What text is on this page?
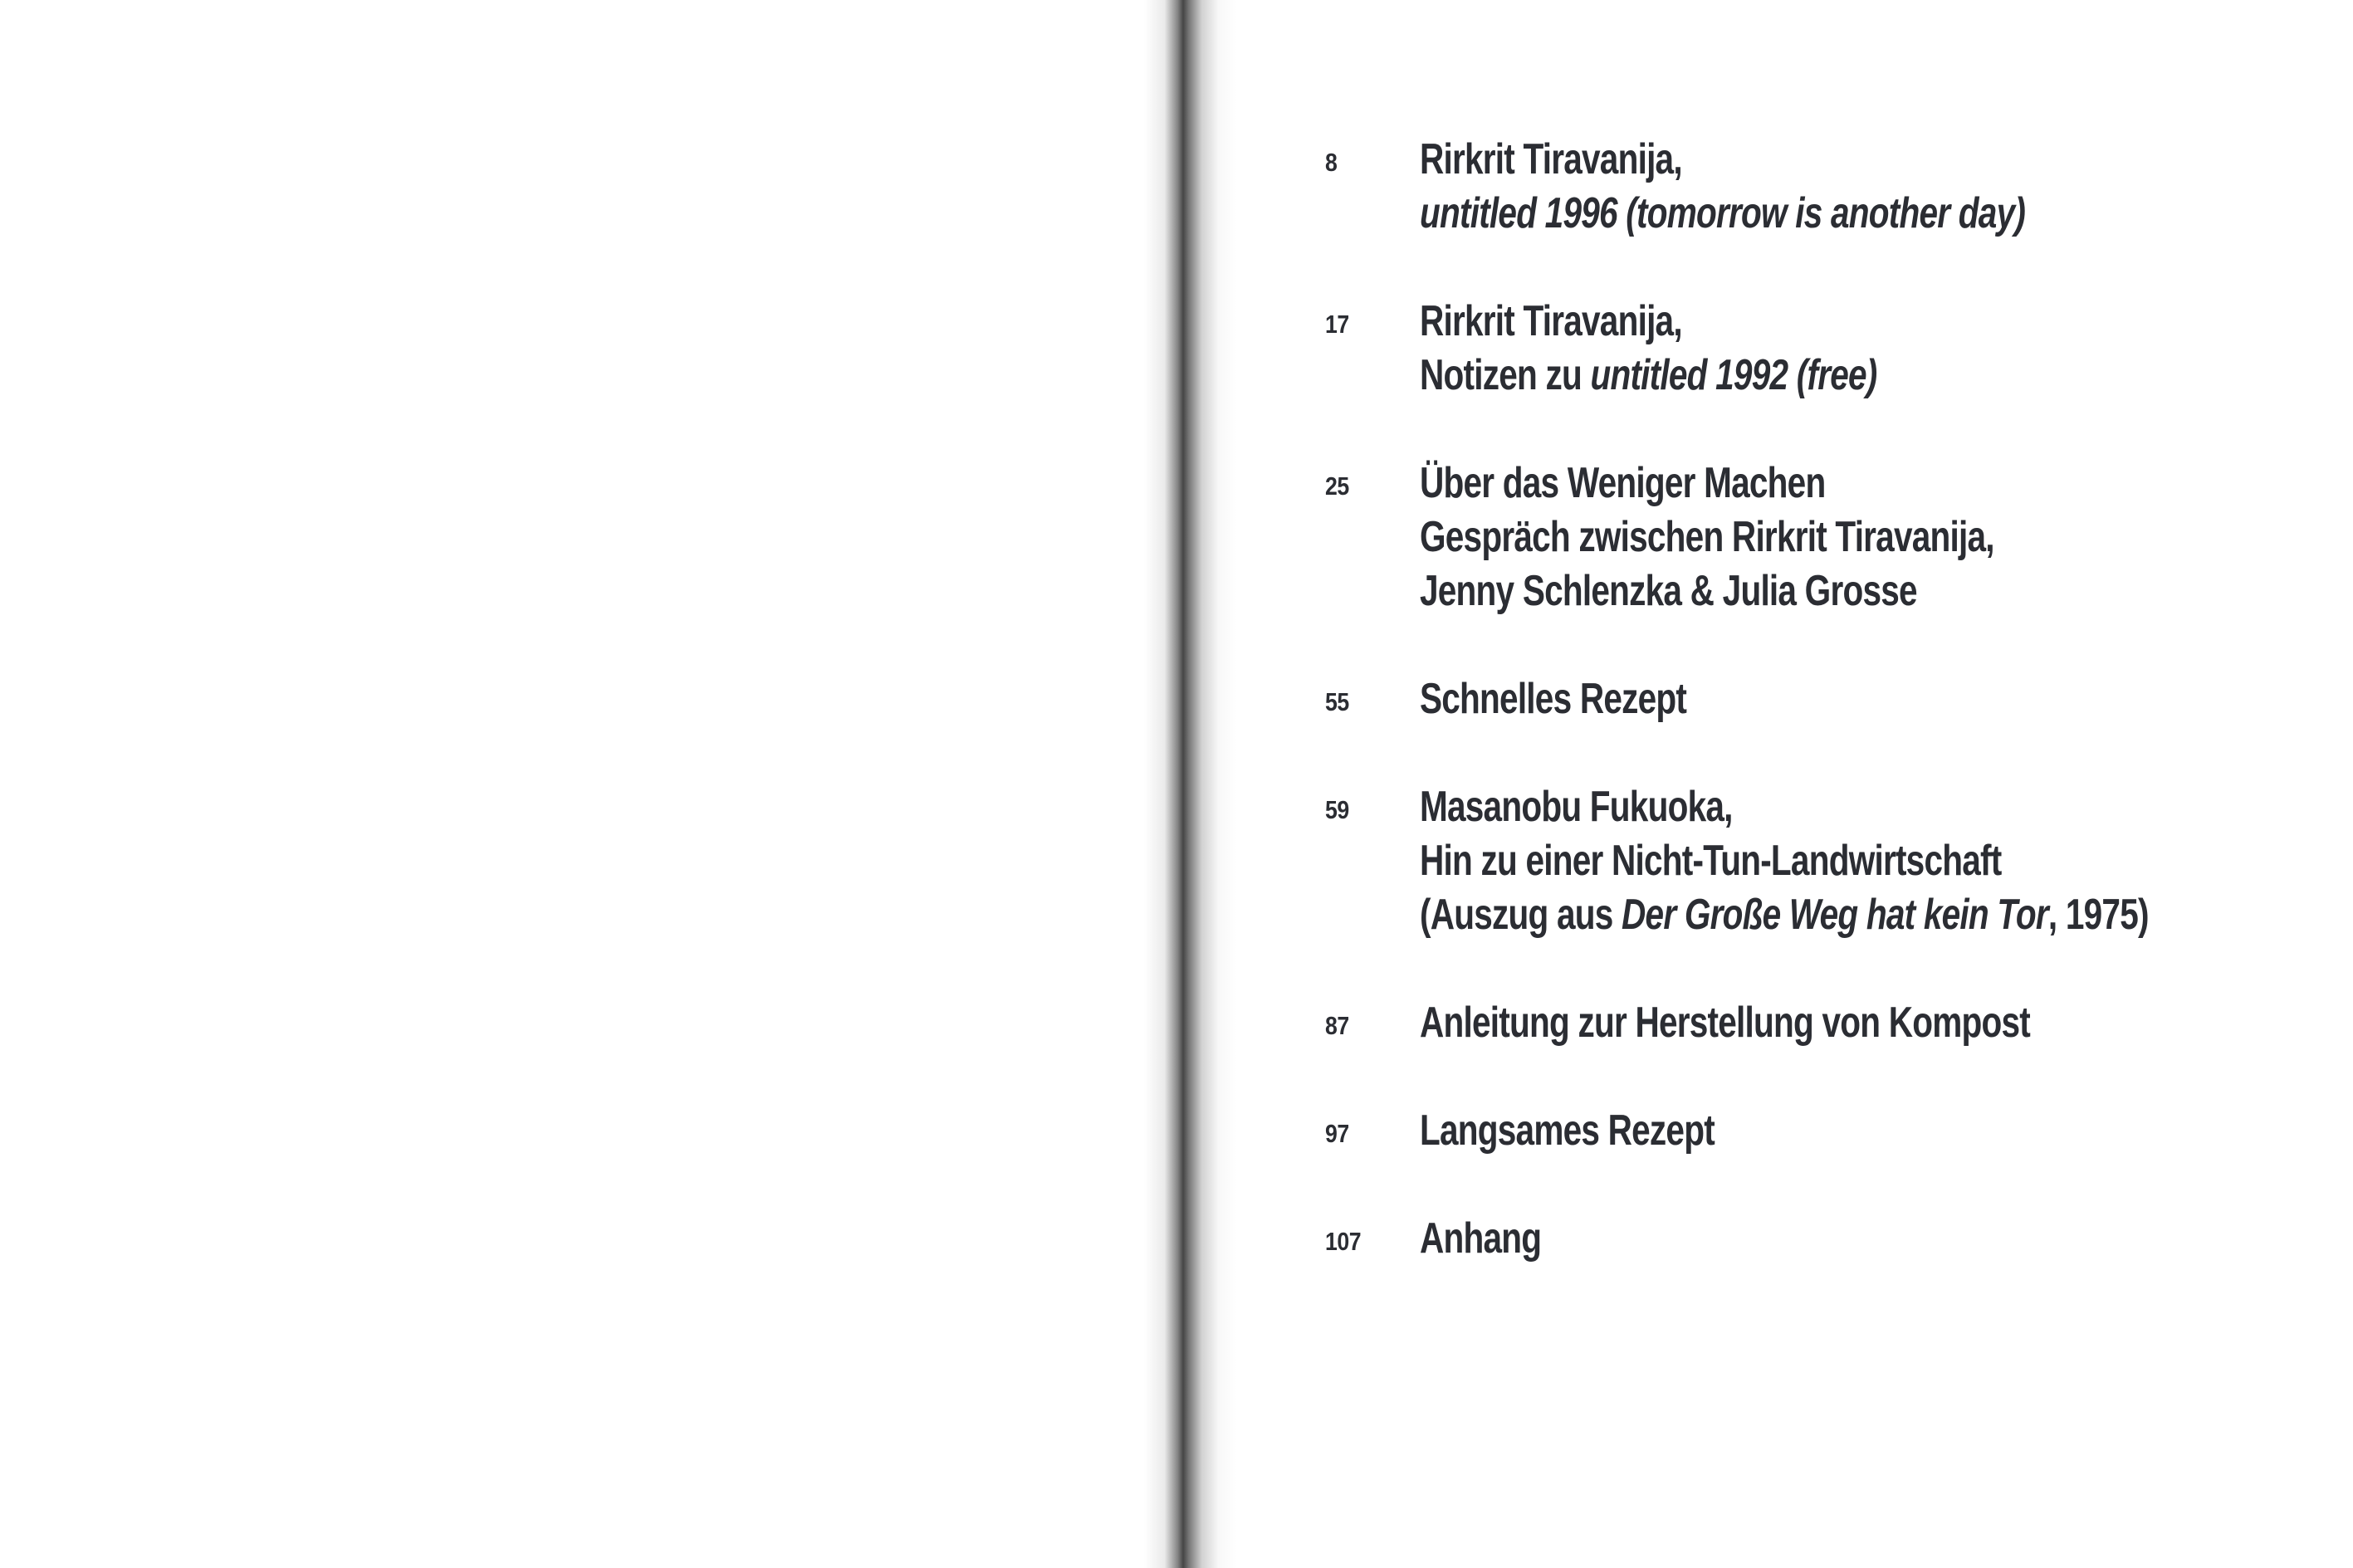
8 Rirkrit Tiravanija,
untitled 1996 (tomorrow is another day)
17 Rirkrit Tiravanija,
Notizen zu untitled 1992 (free)
25 Über das Weniger Machen
Gespräch zwischen Rirkrit Tiravanija,
Jenny Schlenzka & Julia Grosse
55 Schnelles Rezept
59 Masanobu Fukuoka,
Hin zu einer Nicht-Tun-Landwirtschaft
(Auszug aus Der Große Weg hat kein Tor, 1975)
87 Anleitung zur Herstellung von Kompost
97 Langsames Rezept
107 Anhang
